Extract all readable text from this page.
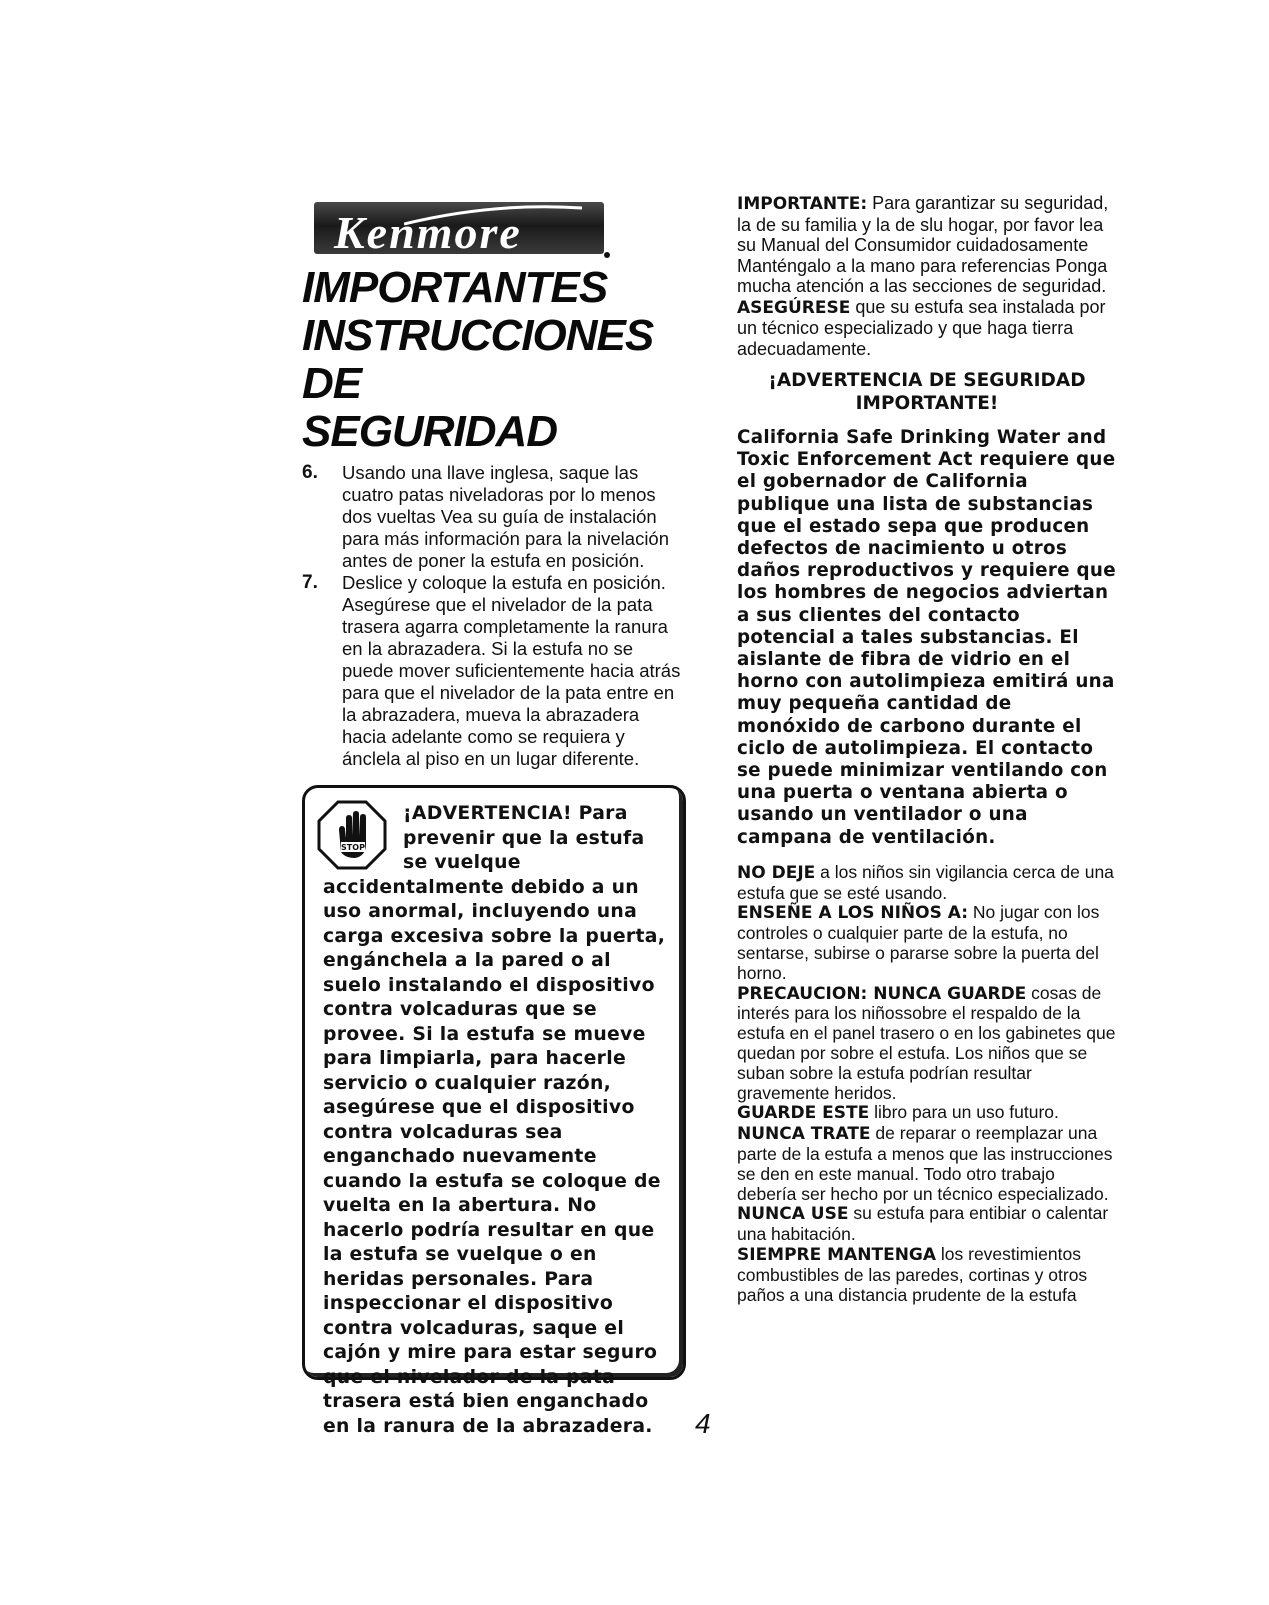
Kenmore
IMPORTANTES
INSTRUCCIONES DE
SEGURIDAD
6. Usando una llave inglesa, saque las cuatro patas niveladoras por lo menos dos vueltas Vea su guía de instalación para más información para la nivelación antes de poner la estufa en posición.
7. Deslice y coloque la estufa en posición. Asegúrese que el nivelador de la pata trasera agarra completamente la ranura en la abrazadera. Si la estufa no se puede mover suficientemente hacia atrás para que el nivelador de la pata entre en la abrazadera, mueva la abrazadera hacia adelante como se requiera y ánclela al piso en un lugar diferente.
STOP
¡ADVERTENCIA! Para prevenir que la estufa se vuelque
accidentalmente debido a un uso anormal, incluyendo una carga excesiva sobre la puerta, engánchela a la pared o al suelo instalando el dispositivo contra volcaduras que se provee. Si la estufa se mueve para limpiarla, para hacerle servicio o cualquier razón, asegúrese que el dispositivo contra volcaduras sea enganchado nuevamente cuando la estufa se coloque de vuelta en la abertura. No hacerlo podría resultar en que la estufa se vuelque o en heridas personales. Para inspeccionar el dispositivo contra volcaduras, saque el cajón y mire para estar seguro que el nivelador de la pata trasera está bien enganchado en la ranura de la abrazadera.

IMPORTANTE: Para garantizar su seguridad, la de su familia y la de slu hogar, por favor lea su Manual del Consumidor cuidadosamente Manténgalo a la mano para referencias Ponga mucha atención a las secciones de seguridad.

ASEGÚRESE que su estufa sea instalada por un técnico especializado y que haga tierra adecuadamente.

¡ADVERTENCIA DE SEGURIDAD
IMPORTANTE!

California Safe Drinking Water and Toxic Enforcement Act requiere que el gobernador de California publique una lista de substancias que el estado sepa que producen defectos de nacimiento u otros daños reproductivos y requiere que los hombres de negocios adviertan a sus clientes del contacto potencial a tales substancias. El aislante de fibra de vidrio en el horno con autolimpieza emitirá una muy pequeña cantidad de monóxido de carbono durante el ciclo de autolimpieza. El contacto se puede minimizar ventilando con una puerta o ventana abierta o usando un ventilador o una campana de ventilación.

NO DEJE a los niños sin vigilancia cerca de una estufa que se esté usando.

ENSEÑE A LOS NIÑOS A: No jugar con los controles o cualquier parte de la estufa, no sentarse, subirse o pararse sobre la puerta del horno.

PRECAUCION: NUNCA GUARDE cosas de interés para los niñossobre el respaldo de la estufa en el panel trasero o en los gabinetes que quedan por sobre el estufa. Los niños que se suban sobre la estufa podrían resultar gravemente heridos.

GUARDE ESTE libro para un uso futuro.

NUNCA TRATE de reparar o reemplazar una parte de la estufa a menos que las instrucciones se den en este manual. Todo otro trabajo debería ser hecho por un técnico especializado.

NUNCA USE su estufa para entibiar o calentar una habitación.

SIEMPRE MANTENGA los revestimientos combustibles de las paredes, cortinas y otros paños a una distancia prudente de la estufa

4
